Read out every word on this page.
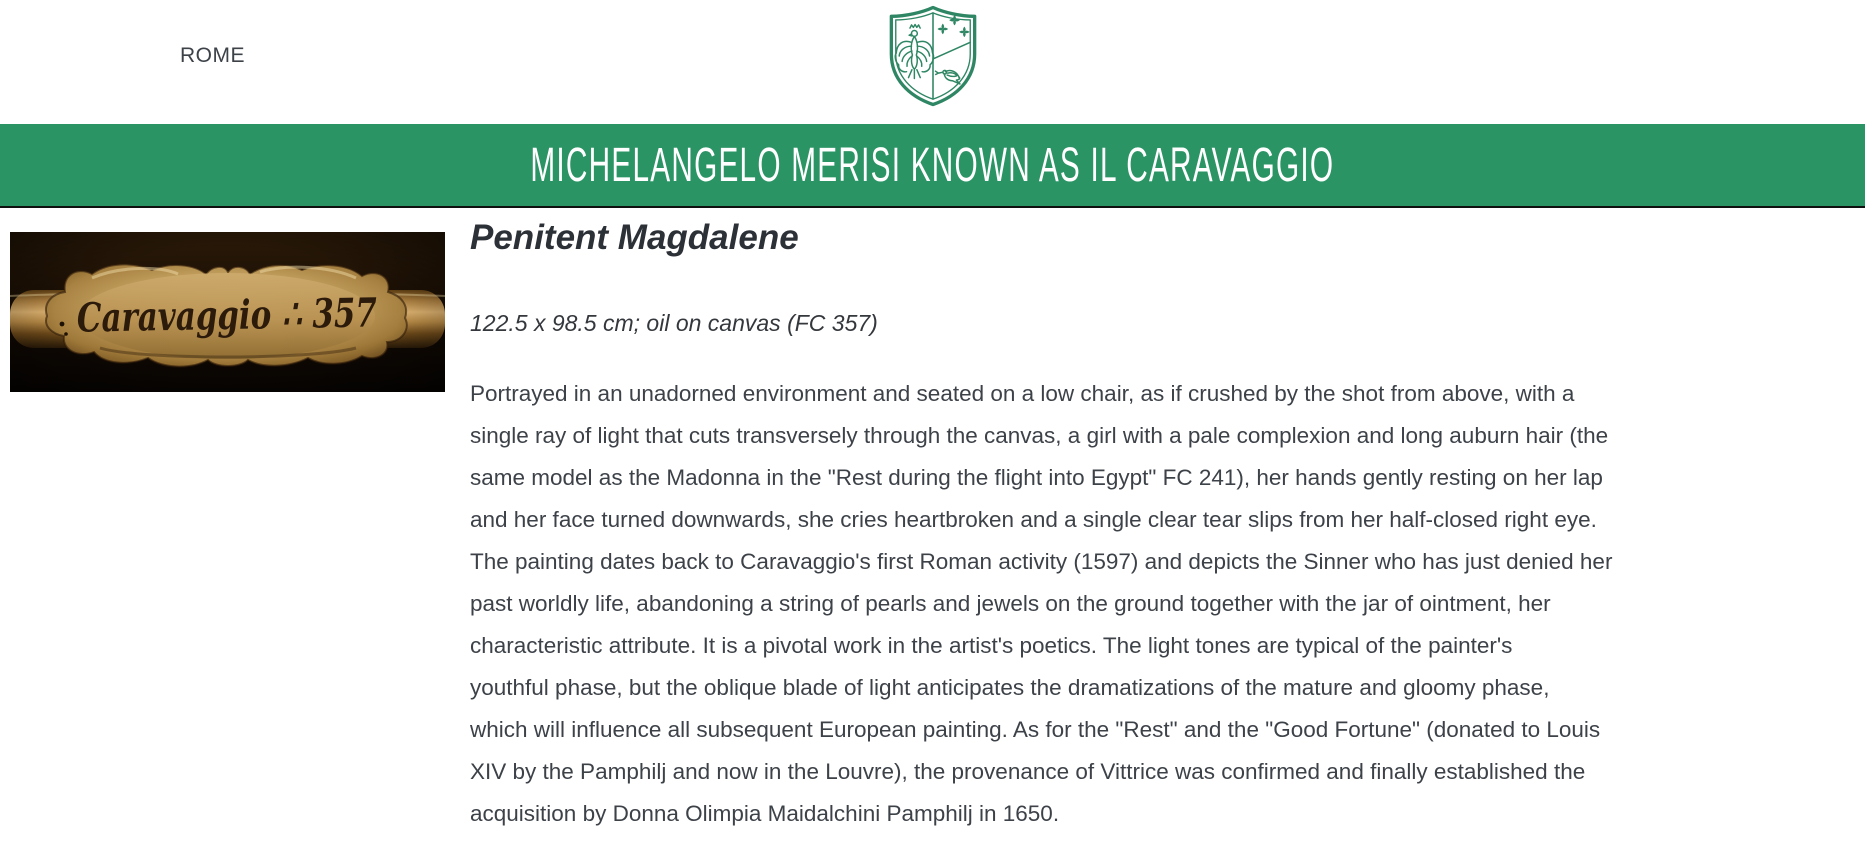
ROME
MICHELANGELO MERISI KNOWN AS IL CARAVAGGIO
Penitent Magdalene
122.5 x 98.5 cm; oil on canvas (FC 357)
Portrayed in an unadorned environment and seated on a low chair, as if crushed by the shot from above, with a
single ray of light that cuts transversely through the canvas, a girl with a pale complexion and long auburn hair (the
same model as the Madonna in the "Rest during the flight into Egypt" FC 241), her hands gently resting on her lap
and her face turned downwards, she cries heartbroken and a single clear tear slips from her half-closed right eye.
The painting dates back to Caravaggio's first Roman activity (1597) and depicts the Sinner who has just denied her
past worldly life, abandoning a string of pearls and jewels on the ground together with the jar of ointment, her
characteristic attribute. It is a pivotal work in the artist's poetics. The light tones are typical of the painter's
youthful phase, but the oblique blade of light anticipates the dramatizations of the mature and gloomy phase,
which will influence all subsequent European painting. As for the "Rest" and the "Good Fortune" (donated to Louis
XIV by the Pamphilj and now in the Louvre), the provenance of Vittrice was confirmed and finally established the
acquisition by Donna Olimpia Maidalchini Pamphilj in 1650.
